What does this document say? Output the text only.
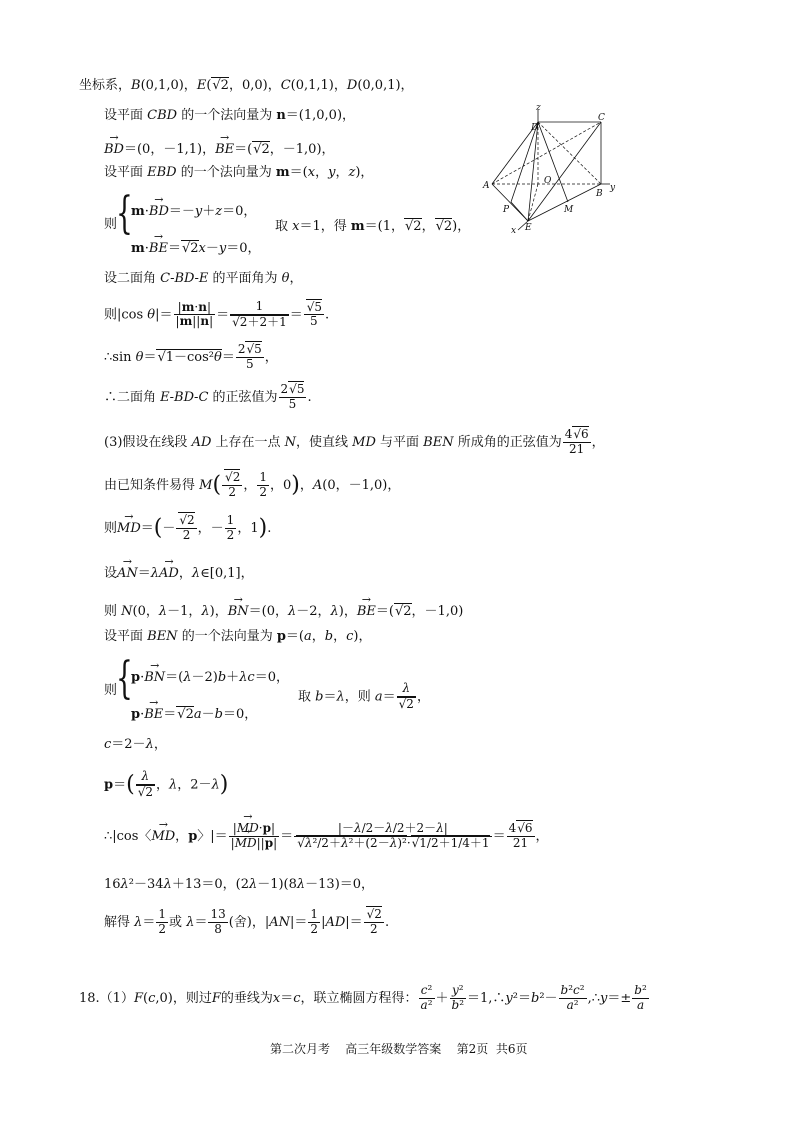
坐标系，B(0,1,0)，E(√2，0,0)，C(0,1,1)，D(0,0,1)，
设平面 CBD 的一个法向量为 n＝(1,0,0)，
→ BD＝(0，－1,1)，→ BE＝(√2，－1,0)，
设平面 EBD 的一个法向量为 m＝(x，y，z)，
则
{
m·→ BD＝－y＋z＝0，
m·→ BE＝√2x－y＝0，
取 x＝1，得 m＝(1，√2，√2)，
设二面角 C-BD-E 的平面角为 θ，
则|cos $\theta|= \frac{|m\cdot n|}{|m||n|} = \frac{1}{√2+2+1} = \frac{√5}{5}$ .
∴sin $\theta=√1-\cos^2\theta= \frac{2√5}{5}$ ，
∴二面角 E-BD-C 的正弦值为 $\frac{2√5}{5}$ .
(3)假设在线段 AD 上存在一点 N，使直线 MD 与平面 BEN 所成角的正弦值为 $\frac{4√6}{21}$ ，
由已知条件易得 $M( \frac{√2}{2}$ ， $\frac{1}{2}$ ，0)，A(0，－1,0)，
则→ $MD=(- \frac{√2}{2}$ ，－ $\frac{1}{2}$ ，1).
设→ AN＝λ→ AD，λ∈[0,1]，
则 N(0，λ－1，λ)，→ BN＝(0，λ－2，λ)，→ BE＝(√2，－1,0)
设平面 BEN 的一个法向量为 p＝(a，b，c)，
则
{
p·→ BN＝(λ－2)b＋λc＝0，
p·→ BE＝√2a－b＝0，
取 b＝λ，则 $a= \frac{\lambda}{√2}$ ，
c＝2－λ，
$p=( \frac{\lambda}{√2}$ ，λ，2－λ)
∴|cos〈→ MD，p〉|＝ $\frac{|\to MD\cdot p|}{|\to MD||p|} = \frac{|-\lambda/2-\lambda/2+2-\lambda|}{\text{√λ²/2＋λ²＋(2－λ)²·√1/2＋1/4＋1}} = \frac{4√6}{21}$ ，
16λ²－34λ＋13＝0，(2λ－1)(8λ－13)＝0，
解得 $\lambda= \frac{1}{2}$ 或 $\lambda= \frac{13}{8}$ (舍)，$|AN|= \frac{1}{2} |AD|= \frac{√2}{2}$ .
18.（1）F(c,0)，则过F的垂线为x＝c，联立椭圆方程得： $\frac{\text{c²}}{\text{a²}} + \frac{\text{y²}}{\text{b²}}$ ＝1,∴y²＝b²－ $\frac{\text{b²c²}}{\text{a²}}$ ,∴y＝± $\frac{\text{b²}}{a}$
z
D
C
A	O
B
y
P	M
E
x
第二次月考 高三年级数学答案 第2页 共6页
